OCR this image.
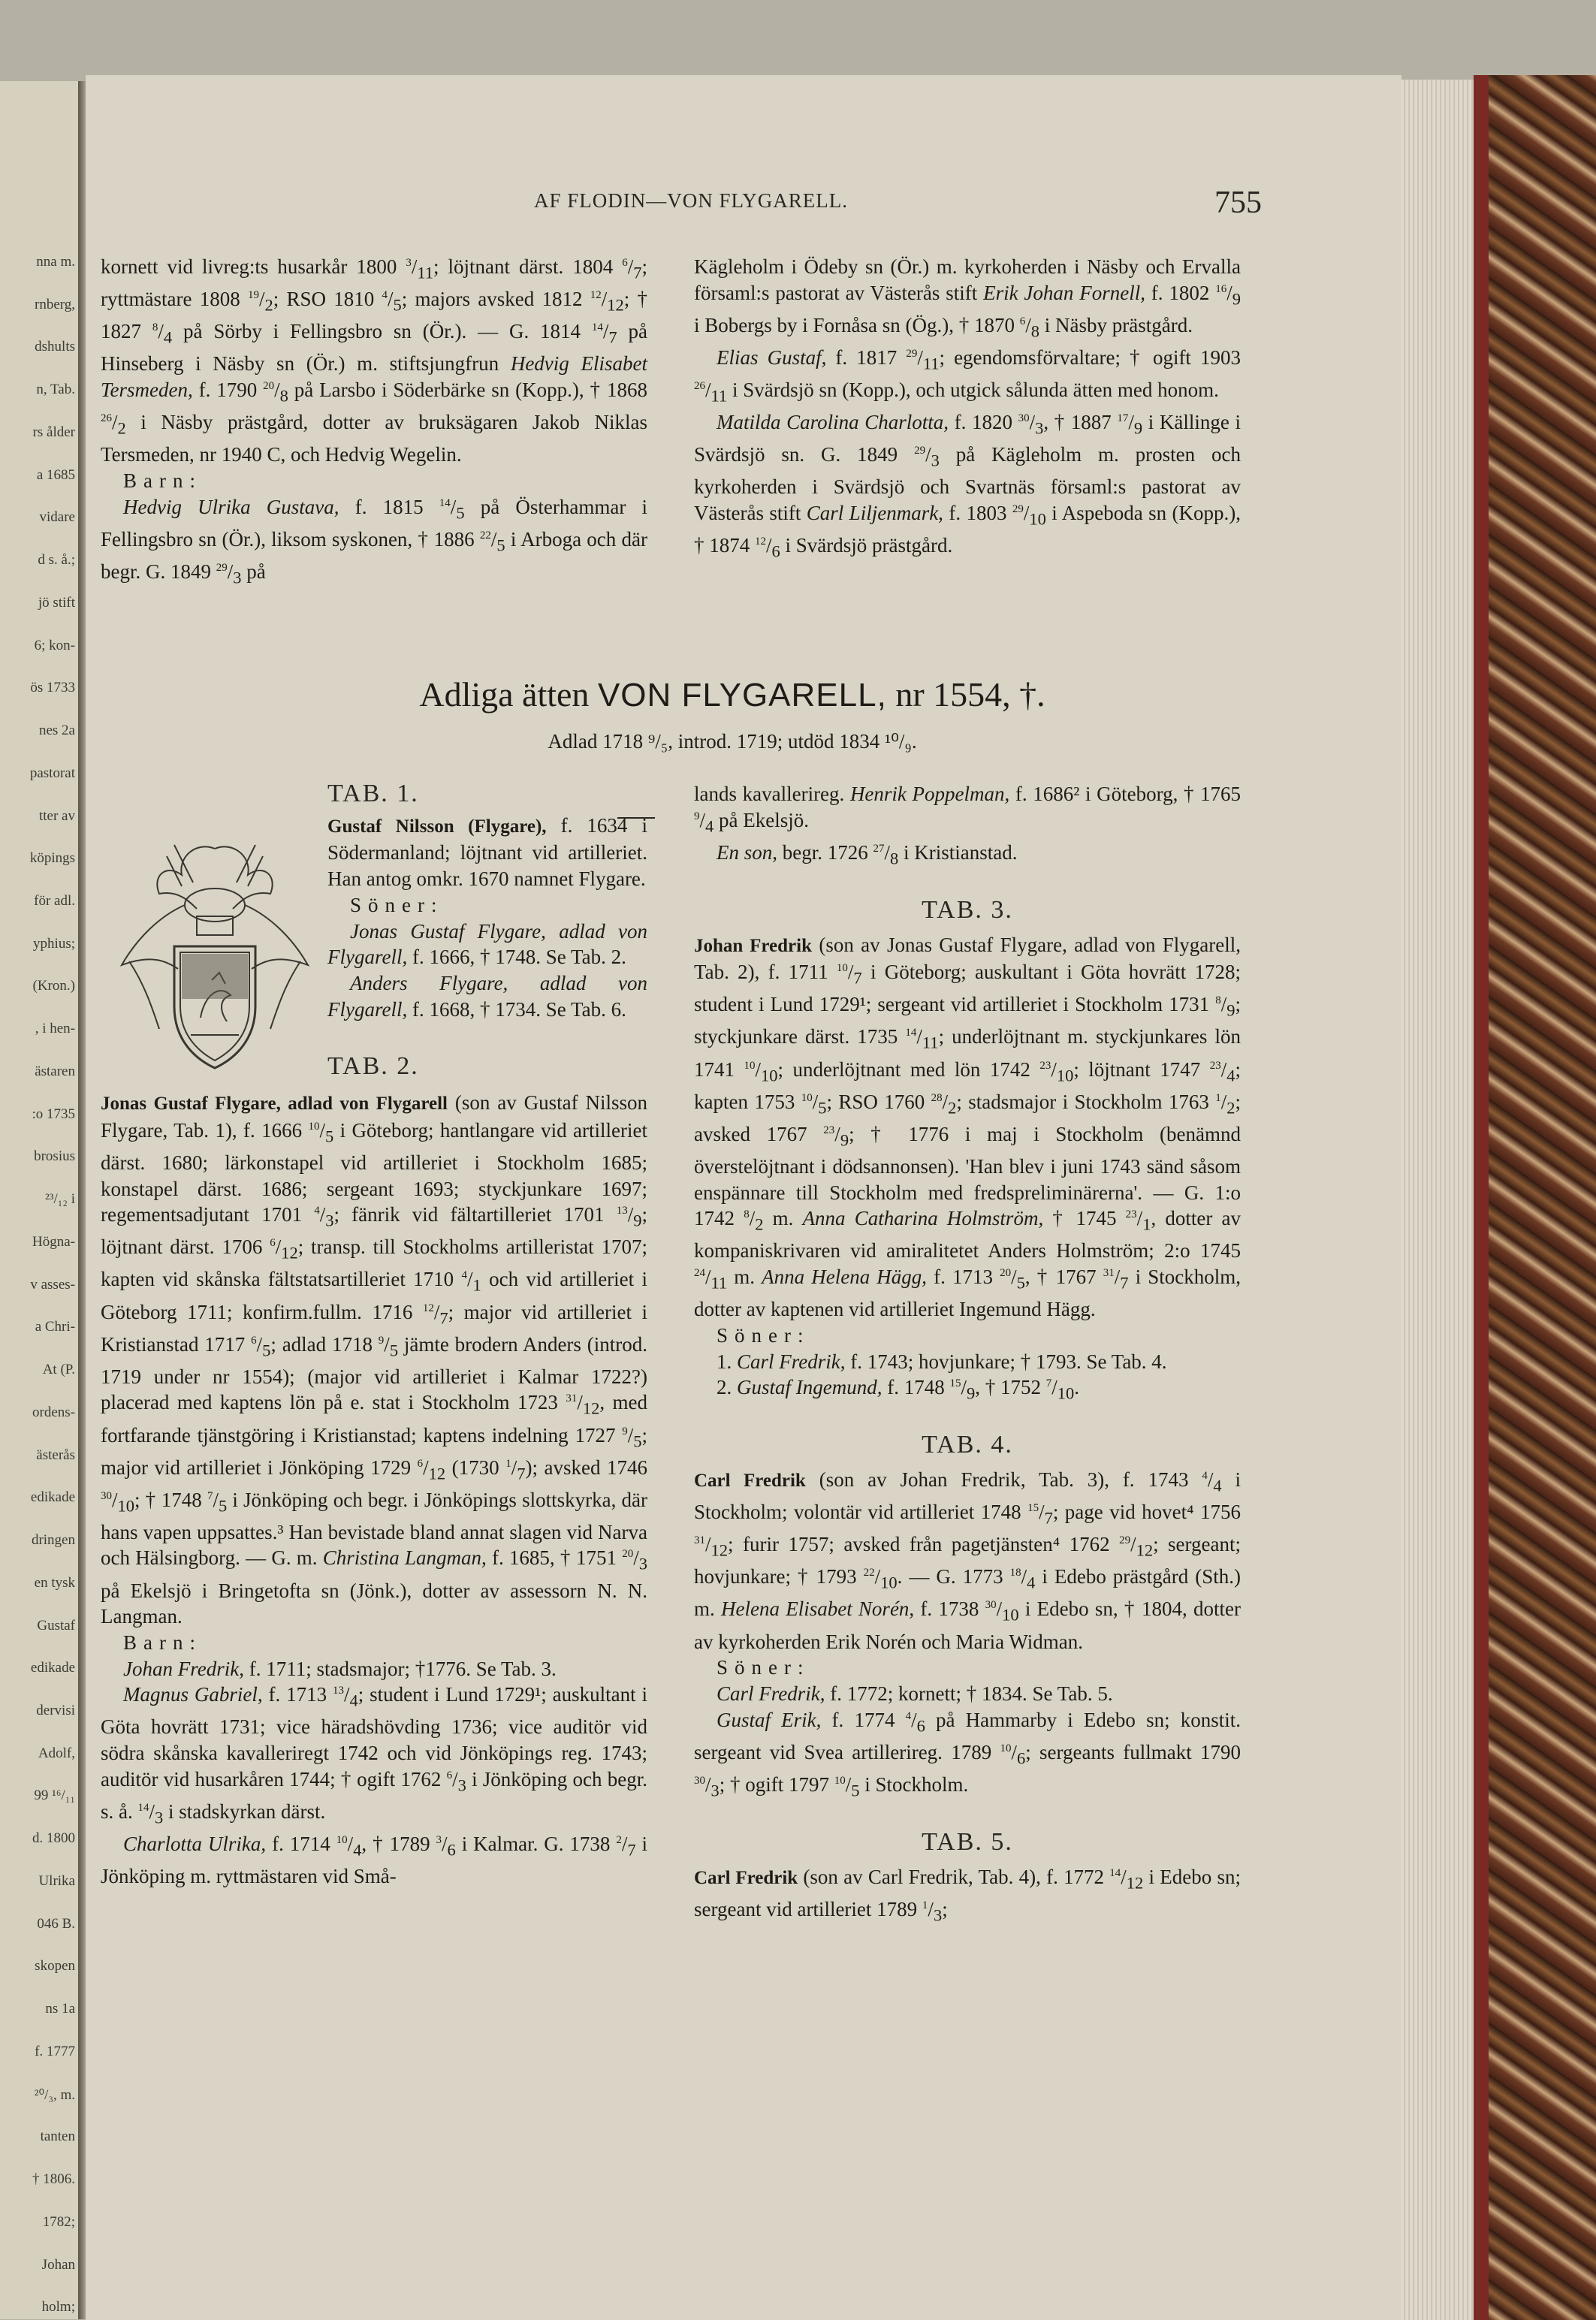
nna m.
rnberg,
dshults
n, Tab.
rs ålder
a 1685
vidare
d s. å.;
jö stift
6; kon-
ös 1733
nes 2a
pastorat
tter av
köpings
för adl.
yphius;
(Kron.)
, i hen-
ästaren
:o 1735
brosius
²³/₁₂ i
Högna-
v asses-
a Chri-
At (P.
ordens-
ästerås
edikade
dringen
en tysk
Gustaf
edikade
dervisi
Adolf,
99 ¹⁶/₁₁
d. 1800
Ulrika
046 B.
skopen
ns 1a
f. 1777
²⁰/₃, m.
tanten
† 1806.
1782;
Johan
holm;
AF FLODIN—VON FLYGARELL.	755

kornett vid livreg:ts husarkår 1800 $^3/_{11}$; löjtnant därst. 1804 $^6/_7$; ryttmästare 1808 $^{19}/_2$; RSO 1810 $^4/_5$; majors avsked 1812 $^{12}/_{12}$; † 1827 $^8/_4$ på Sörby i Fellingsbro sn (Ör.). — G. 1814 $^{14}/_7$ på Hinseberg i Näsby sn (Ör.) m. stiftsjungfrun Hedvig Elisabet Tersmeden, f. 1790 $^{20}/_8$ på Larsbo i Söderbärke sn (Kopp.), † 1868 $^{26}/_2$ i Näsby prästgård, dotter av bruksägaren Jakob Niklas Tersmeden, nr 1940 C, och Hedvig Wegelin.

Barn:

Hedvig Ulrika Gustava, f. 1815 $^{14}/_5$ på Österhammar i Fellingsbro sn (Ör.), liksom syskonen, † 1886 $^{22}/_5$ i Arboga och där begr. G. 1849 $^{29}/_3$ på

Kägleholm i Ödeby sn (Ör.) m. kyrkoherden i Näsby och Ervalla församl:s pastorat av Västerås stift Erik Johan Fornell, f. 1802 $^{16}/_9$ i Bobergs by i Fornåsa sn (Ög.), † 1870 $^6/_8$ i Näsby prästgård.

Elias Gustaf, f. 1817 $^{29}/_{11}$; egendomsförvaltare; † ogift 1903 $^{26}/_{11}$ i Svärdsjö sn (Kopp.), och utgick sålunda ätten med honom.

Matilda Carolina Charlotta, f. 1820 $^{30}/_3$, † 1887 $^{17}/_9$ i Källinge i Svärdsjö sn. G. 1849 $^{29}/_3$ på Kägleholm m. prosten och kyrkoherden i Svärdsjö och Svartnäs församl:s pastorat av Västerås stift Carl Liljenmark, f. 1803 $^{29}/_{10}$ i Aspeboda sn (Kopp.), † 1874 $^{12}/_6$ i Svärdsjö prästgård.

Adliga ätten VON FLYGARELL, nr 1554, †.
Adlad 1718 ⁹/₅, introd. 1719; utdöd 1834 ¹⁰/₉.

TAB. 1.

Gustaf Nilsson (Flygare), f. 1634 i Södermanland; löjtnant vid artilleriet. Han antog omkr. 1670 namnet Flygare.

Söner:

Jonas Gustaf Flygare, adlad von Flygarell, f. 1666, † 1748. Se Tab. 2.

Anders Flygare, adlad von Flygarell, f. 1668, † 1734. Se Tab. 6.

TAB. 2.

Jonas Gustaf Flygare, adlad von Flygarell (son av Gustaf Nilsson Flygare, Tab. 1), f. 1666 $^{10}/_5$ i Göteborg; hantlangare vid artilleriet därst. 1680; lärkonstapel vid artilleriet i Stockholm 1685; konstapel därst. 1686; sergeant 1693; styckjunkare 1697; regementsadjutant 1701 $^4/_3$; fänrik vid fältartilleriet 1701 $^{13}/_9$; löjtnant därst. 1706 $^6/_{12}$; transp. till Stockholms artilleristat 1707; kapten vid skånska fältstatsartilleriet 1710 $^4/_1$ och vid artilleriet i Göteborg 1711; konfirm.fullm. 1716 $^{12}/_7$; major vid artilleriet i Kristianstad 1717 $^6/_5$; adlad 1718 $^9/_5$ jämte brodern Anders (introd. 1719 under nr 1554); (major vid artilleriet i Kalmar 1722?) placerad med kaptens lön på e. stat i Stockholm 1723 $^{31}/_{12}$, med fortfarande tjänstgöring i Kristianstad; kaptens indelning 1727 $^9/_5$; major vid artilleriet i Jönköping 1729 $^6/_{12}$ (1730 $^1/_7$); avsked 1746 $^{30}/_{10}$; † 1748 $^7/_5$ i Jönköping och begr. i Jönköpings slottskyrka, där hans vapen uppsattes.³ Han bevistade bland annat slagen vid Narva och Hälsingborg. — G. m. Christina Langman, f. 1685, † 1751 $^{20}/_3$ på Ekelsjö i Bringetofta sn (Jönk.), dotter av assessorn N. N. Langman.

Barn:

Johan Fredrik, f. 1711; stadsmajor; †1776. Se Tab. 3.

Magnus Gabriel, f. 1713 $^{13}/_4$; student i Lund 1729¹; auskultant i Göta hovrätt 1731; vice häradshövding 1736; vice auditör vid södra skånska kavalleriregt 1742 och vid Jönköpings reg. 1743; auditör vid husarkåren 1744; † ogift 1762 $^6/_3$ i Jönköping och begr. s. å. $^{14}/_3$ i stadskyrkan därst.

Charlotta Ulrika, f. 1714 $^{10}/_4$, † 1789 $^3/_6$ i Kalmar. G. 1738 $^2/_7$ i Jönköping m. ryttmästaren vid Små-

lands kavallerireg. Henrik Poppelman, f. 1686² i Göteborg, † 1765 $^9/_4$ på Ekelsjö.

En son, begr. 1726 $^{27}/_8$ i Kristianstad.

TAB. 3.

Johan Fredrik (son av Jonas Gustaf Flygare, adlad von Flygarell, Tab. 2), f. 1711 $^{10}/_7$ i Göteborg; auskultant i Göta hovrätt 1728; student i Lund 1729¹; sergeant vid artilleriet i Stockholm 1731 $^8/_9$; styckjunkare därst. 1735 $^{14}/_{11}$; underlöjtnant m. styckjunkares lön 1741 $^{10}/_{10}$; underlöjtnant med lön 1742 $^{23}/_{10}$; löjtnant 1747 $^{23}/_4$; kapten 1753 $^{10}/_5$; RSO 1760 $^{28}/_2$; stadsmajor i Stockholm 1763 $^1/_2$; avsked 1767 $^{23}/_9$; † 1776 i maj i Stockholm (benämnd överstelöjtnant i dödsannonsen). 'Han blev i juni 1743 sänd såsom enspännare till Stockholm med fredspreliminärerna'. — G. 1:o 1742 $^8/_2$ m. Anna Catharina Holmström, † 1745 $^{23}/_1$, dotter av kompaniskrivaren vid amiralitetet Anders Holmström; 2:o 1745 $^{24}/_{11}$ m. Anna Helena Hägg, f. 1713 $^{20}/_5$, † 1767 $^{31}/_7$ i Stockholm, dotter av kaptenen vid artilleriet Ingemund Hägg.

Söner:

1. Carl Fredrik, f. 1743; hovjunkare; † 1793. Se Tab. 4.

2. Gustaf Ingemund, f. 1748 $^{15}/_9$, † 1752 $^7/_{10}$.

TAB. 4.

Carl Fredrik (son av Johan Fredrik, Tab. 3), f. 1743 $^4/_4$ i Stockholm; volontär vid artilleriet 1748 $^{15}/_7$; page vid hovet⁴ 1756 $^{31}/_{12}$; furir 1757; avsked från pagetjänsten⁴ 1762 $^{29}/_{12}$; sergeant; hovjunkare; † 1793 $^{22}/_{10}$. — G. 1773 $^{18}/_4$ i Edebo prästgård (Sth.) m. Helena Elisabet Norén, f. 1738 $^{30}/_{10}$ i Edebo sn, † 1804, dotter av kyrkoherden Erik Norén och Maria Widman.

Söner:

Carl Fredrik, f. 1772; kornett; † 1834. Se Tab. 5.

Gustaf Erik, f. 1774 $^4/_6$ på Hammarby i Edebo sn; konstit. sergeant vid Svea artillerireg. 1789 $^{10}/_6$; sergeants fullmakt 1790 $^{30}/_3$; † ogift 1797 $^{10}/_5$ i Stockholm.

TAB. 5.

Carl Fredrik (son av Carl Fredrik, Tab. 4), f. 1772 $^{14}/_{12}$ i Edebo sn; sergeant vid artilleriet 1789 $^1/_3$;
